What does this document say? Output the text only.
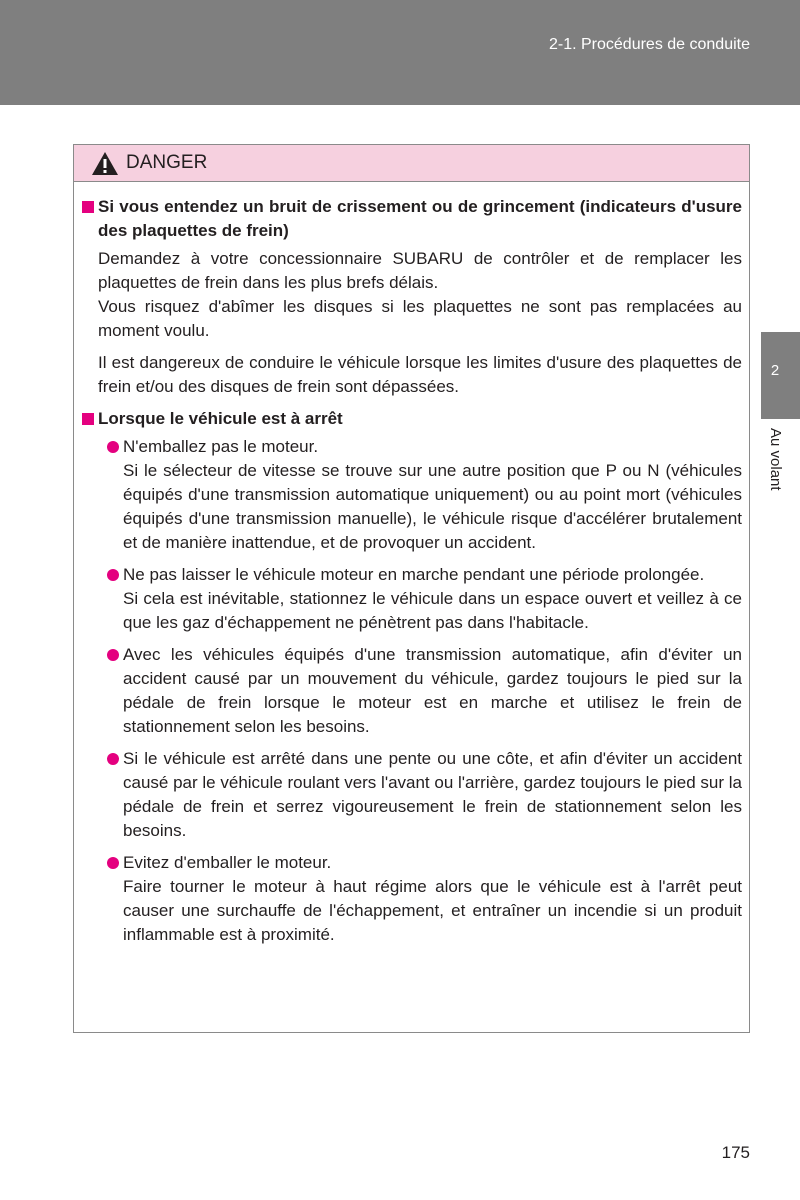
2-1. Procédures de conduite
2
Au volant
DANGER
Si vous entendez un bruit de crissement ou de grincement (indicateurs d'usure des plaquettes de frein)
Demandez à votre concessionnaire SUBARU de contrôler et de remplacer les plaquettes de frein dans les plus brefs délais.
Vous risquez d'abîmer les disques si les plaquettes ne sont pas remplacées au moment voulu.
Il est dangereux de conduire le véhicule lorsque les limites d'usure des plaquettes de frein et/ou des disques de frein sont dépassées.
Lorsque le véhicule est à arrêt
N'emballez pas le moteur.
Si le sélecteur de vitesse se trouve sur une autre position que P ou N (véhicules équipés d'une transmission automatique uniquement) ou au point mort (véhicules équipés d'une transmission manuelle), le véhicule risque d'accélérer brutalement et de manière inattendue, et de provoquer un accident.
Ne pas laisser le véhicule moteur en marche pendant une période prolongée.
Si cela est inévitable, stationnez le véhicule dans un espace ouvert et veillez à ce que les gaz d'échappement ne pénètrent pas dans l'habitacle.
Avec les véhicules équipés d'une transmission automatique, afin d'éviter un accident causé par un mouvement du véhicule, gardez toujours le pied sur la pédale de frein lorsque le moteur est en marche et utilisez le frein de stationnement selon les besoins.
Si le véhicule est arrêté dans une pente ou une côte, et afin d'éviter un accident causé par le véhicule roulant vers l'avant ou l'arrière, gardez toujours le pied sur la pédale de frein et serrez vigoureusement le frein de stationnement selon les besoins.
Evitez d'emballer le moteur.
Faire tourner le moteur à haut régime alors que le véhicule est à l'arrêt peut causer une surchauffe de l'échappement, et entraîner un incendie si un produit inflammable est à proximité.
175
